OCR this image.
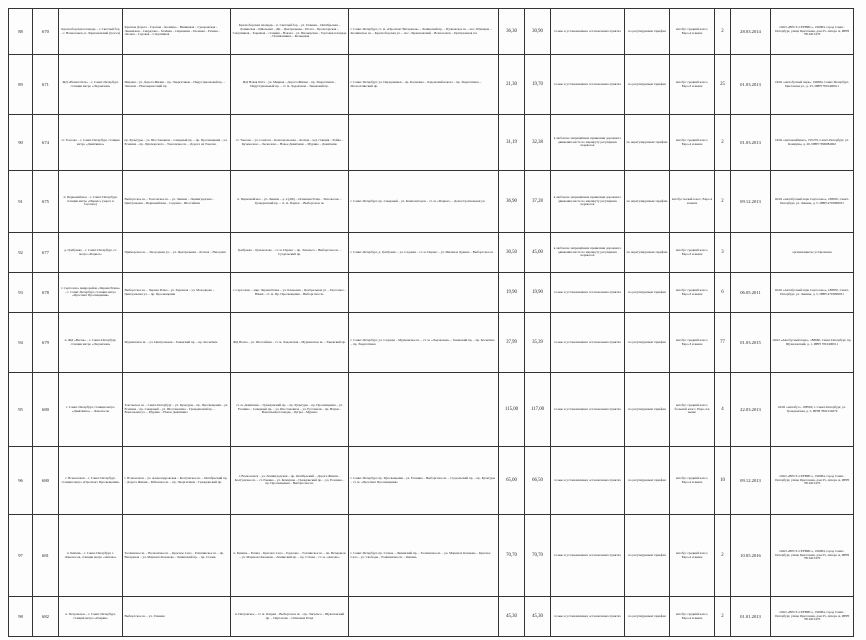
88	670	Красноборская площадь – г. Светлый бор – г. Всеволожск, п. Ларионовский (трасса)	Красная Дорога – Горская – Колпино – Вишневая – Суворовская – Ленинская – Свердлова – Зелёная – Сиреневая – Полевая – Речная – Лесная – Садовая – Спортивная	Красноборская площадь – п. Светлый бор – ул. Главная – Октябрьская – Ленинская – Школьная – ДК – Центральная – Почта – Пролетарская – Спортивная – Заречная – станция – Вокзал – ул. Пионерская – Торговая площадь – Поликлиника – Кольцевая	г. Санкт-Петербург, ст. м. «Проспект Ветеранов» – Ленинский пр. – Пулковское ш. – пос. Шушары – Колпинское ш. – Красноборская ул. – пос. Ларионовский – Всеволожск – Центральная пл.	36,30	30,90	только в установленных остановочных пунктах	по регулируемым тарифам	автобус средний класс, Евро-4 и выше	2	28.03.2014	ООО «ВЕСТ-СЕРВИС», 196084, город Санкт-Петербург, улица Цветочная, дом 25, литера А, ИНН 7810415470
89	671	ЖД «Новая Охта» – г. Санкт-Петербург, станция метро «Ладожская»	Мирная – ул. Дорога Жизни – пр. Энергетиков – Индустриальный пр. – Ленская – Новочеркасский пр.	ЖД Новая Охта – ул. Мирная – Дорога Жизни – пр. Энергетиков – Индустриальный пр. – ст. м. Ладожская – Заневский пр.	г. Санкт-Петербург, ул. Передовиков – пр. Косыгина – Ладожский вокзал – пр. Энергетиков – Малоохтинский пр.	21,30	19,70	только в установленных остановочных пунктах	по регулируемым тарифам	автобус средний класс, Евро-3 и выше	25	01.03.2013	ООО «Автобусный парк», 196084, Санкт-Петербург, Цветочная ул., д. 25, ИНН 7810406911
90	674	ст. Токсово – г. Санкт-Петербург, станция метро «Девяткино»	пр. Культуры – ул. Шостаковича – Северный пр. – пр. Просвещения – ул. Есенина – пр. Луначарского – Токсовское ш. – Дорога на Токсово	ст. Токсово – ул. Советов – Комсомольская – Лесная – ж/д станция – Ройка – Кузьмолово – Лесколово – Новое Девяткино – Мурино – Девяткино		31,19	32,38	в любом не запрещённом правилами дорожного движения месте по маршруту регулярных перевозок	по нерегулируемым тарифам	автобус средний класс, Евро-4 и выше	2	01.03.2013	ООО «Автокомбинат», 195279, Санкт-Петербург, ул. Коммуны, д. 26, ИНН 7806084692
91	675	п. Первомайское – г. Санкт-Петербург, станция метро «Парнас» (через п. Скотное)	Выборгское ш. – Токсовское ш. – ул. Ленина – Ленинградская – Центральная – Первомайская – Садовая – Шоссейная	п. Первомайское – ул. Ленина – д. 4 (ДК) – Осиновая Роща – Энгельсово – Гражданский пр. – ст. м. Парнас – Выборгское ш.	г. Санкт-Петербург, пр. Северный – ул. Композиторов – ст. м. «Парнас» – Домостроительная ул.	36,90	37,28	в любом не запрещённом правилами дорожного движения месте по маршруту регулярных перевозок	по нерегулируемым тарифам	автобус малый класс, Евро-4 и выше	2	09.12.2013	ООО «Автобусный парк Сертолово», 188650, Санкт-Петербург, ул. Ленина, д. 5, ИНН 4703098031
92	677	д. Грибулево – г. Санкт-Петербург, ст. метро «Парнас»	Приморское ш. – Загородная ул. – ул. Центральная – Лесная – Нагорная	Грибулево – Кузьмолово – ст. м. Парнас – пр. Энгельса – Выборгское ш. – Суздальский пр.	г. Санкт-Петербург, д. Грибулево – ул. Садовая – ст. м. Парнас – ул. Михаила Дудина – Выборгское ш.	30,50	45,00	в любом не запрещённом правилами дорожного движения месте по маршруту регулярных перевозок	по нерегулируемым тарифам	автобус средний класс, Евро-3 и выше	3		организация не установлена
93	678	г. Сертолово, микрорайон «Черная Речка» – г. Санкт-Петербург, станция метро «Проспект Просвещения»	Выборгское ш. – Черная Речка – ул. Заречная – ул. Молодцова – Центральная ул. – пр. Просвещения	г. Сертолово – мкр. Черная Речка – ул. Кленовая – Центральная ул. – Песочное – Юкки – ст. м. Пр. Просвещения – Выборгское ш.		19,90	19,90	только в установленных остановочных пунктах	по регулируемым тарифам	автобус средний класс, Евро-3 и выше	6	06.05.2011	ООО «Автобусный парк Сертолово», 188650, Санкт-Петербург, ул. Ленина, д. 5, ИНН 4703098031
94	679	п. ЖД «Весна» – г. Санкт-Петербург, станция метро «Ладожская»	Мурманское ш. – ул. Центральная – Заневский пр. – пр. Косыгина	ЖД Весна – ул. Шоссейная – ст. м. Ладожская – Мурманское ш. – Заневский пр.	г. Санкт-Петербург, ул. Садовая – Мурманское ш. – ст. м. «Ладожская» – Заневский пр. – пр. Косыгина – пр. Энергетиков	37,99	35,39	только в установленных остановочных пунктах	по регулируемым тарифам	автобус средний класс, Евро-3 и выше	77	01.03.2015	ООО «Автобусный парк», 188660, Санкт-Петербург, пр. Шуваловский, д. 1, ИНН 7810406911
95	680	г. Санкт-Петербург, станция метро «Девяткино» – Ломоносов	Токсовское ш. – Санкт-Петербург – ул. Культуры – пр. Просвещения – ул. Есенина – пр. Северный – ул. Шостаковича – Гражданский пр. – Вокзальная ул. – Мурино – Новое Девяткино	ст. м. Девяткино – Гражданский пр. – пр. Культуры – пр. Просвещения – ул. Есенина – Северный пр. – ул. Шостаковича – ул. Руставели – пр. Науки – Вокзальная площадь – Бугры – Мурино		115,00	117,00	только в установленных остановочных пунктах	по регулируемым тарифам	автобус средний класс, большой класс, Евро-4 и выше	4	22.03.2013	ООО «Автобус», 188560, г. Санкт-Петербург, ул. Гражданская, д. 5, ИНН 7804154670
96	680	г. Всеволожск – г. Санкт-Петербург, станция метро «Проспект Просвещения»	г. Всеволожск – ул. Александровская – Колтушское ш. – Октябрьский пр. – Дорога Жизни – Рябовское ш. – пр. Энергетиков – Гражданский пр.	г. Всеволожск – ул. Ленинградская – пр. Октябрьский – Дорога Жизни – Колтушское ш. – ст. Ржевка – ул. Коммуны – Гражданский пр. – ул. Есенина – пр. Просвещения – Выборгское ш.	г. Санкт-Петербург, пр. Просвещения – ул. Есенина – Выборгское ш. – Суздальский пр. – пр. Культуры – ст. м. «Проспект Просвещения»	65,00	66,50	только в установленных остановочных пунктах	по регулируемым тарифам	автобус средний класс, Евро-4 и выше	10	09.12.2013	ООО «ВЕСТ-СЕРВИС», 196084, город Санкт-Петербург, улица Цветочная, дом 25, литера А, ИНН 7810415470
97	681	п. Кипень – г. Санкт-Петербург, г. Ломоносов, станция метро «Автово»	Таллинское ш. – Волхонское ш. – Красное Село – Ропшинское ш. – пр. Ветеранов – ул. Маршала Казакова – Ленинский пр. – пр. Стачек	п. Кипень – Ропша – Красное Село – Горелово – Таллинское ш. – пр. Ветеранов – ул. Маршала Казакова – Ленинский пр. – пр. Стачек – ст. м. «Автово»	г. Санкт-Петербург, пр. Стачек – Ленинский пр. – Таллинское ш. – ул. Маршала Казакова – Красное Село – ул. Свободы – Ропшинское ш. – Кипень	70,70	70,70	только в установленных остановочных пунктах	по регулируемым тарифам	автобус средний класс, Евро-4 и выше	2	10.05.2016	ООО «ВЕСТ-СЕРВИС», 196084, город Санкт-Петербург, улица Цветочная, дом 25, литера А, ИНН 7810415470
98	682	п. Петровское – г. Санкт-Петербург, станция метро «Озерки»	Выборгское ш. – ул. Главная	п. Петровское – ст. м. Озерки – Выборгское ш. – пр. Энгельса – Шуваловский пр. – Парголово – Осиновая Роща		45,30	45,30	только в установленных остановочных пунктах	по регулируемым тарифам	автобус средний класс, Евро-4 и выше	2	01.01.2013	ООО «ВЕСТ-СЕРВИС», 196084, город Санкт-Петербург, улица Цветочная, дом 25, литера А, ИНН 7810415470
